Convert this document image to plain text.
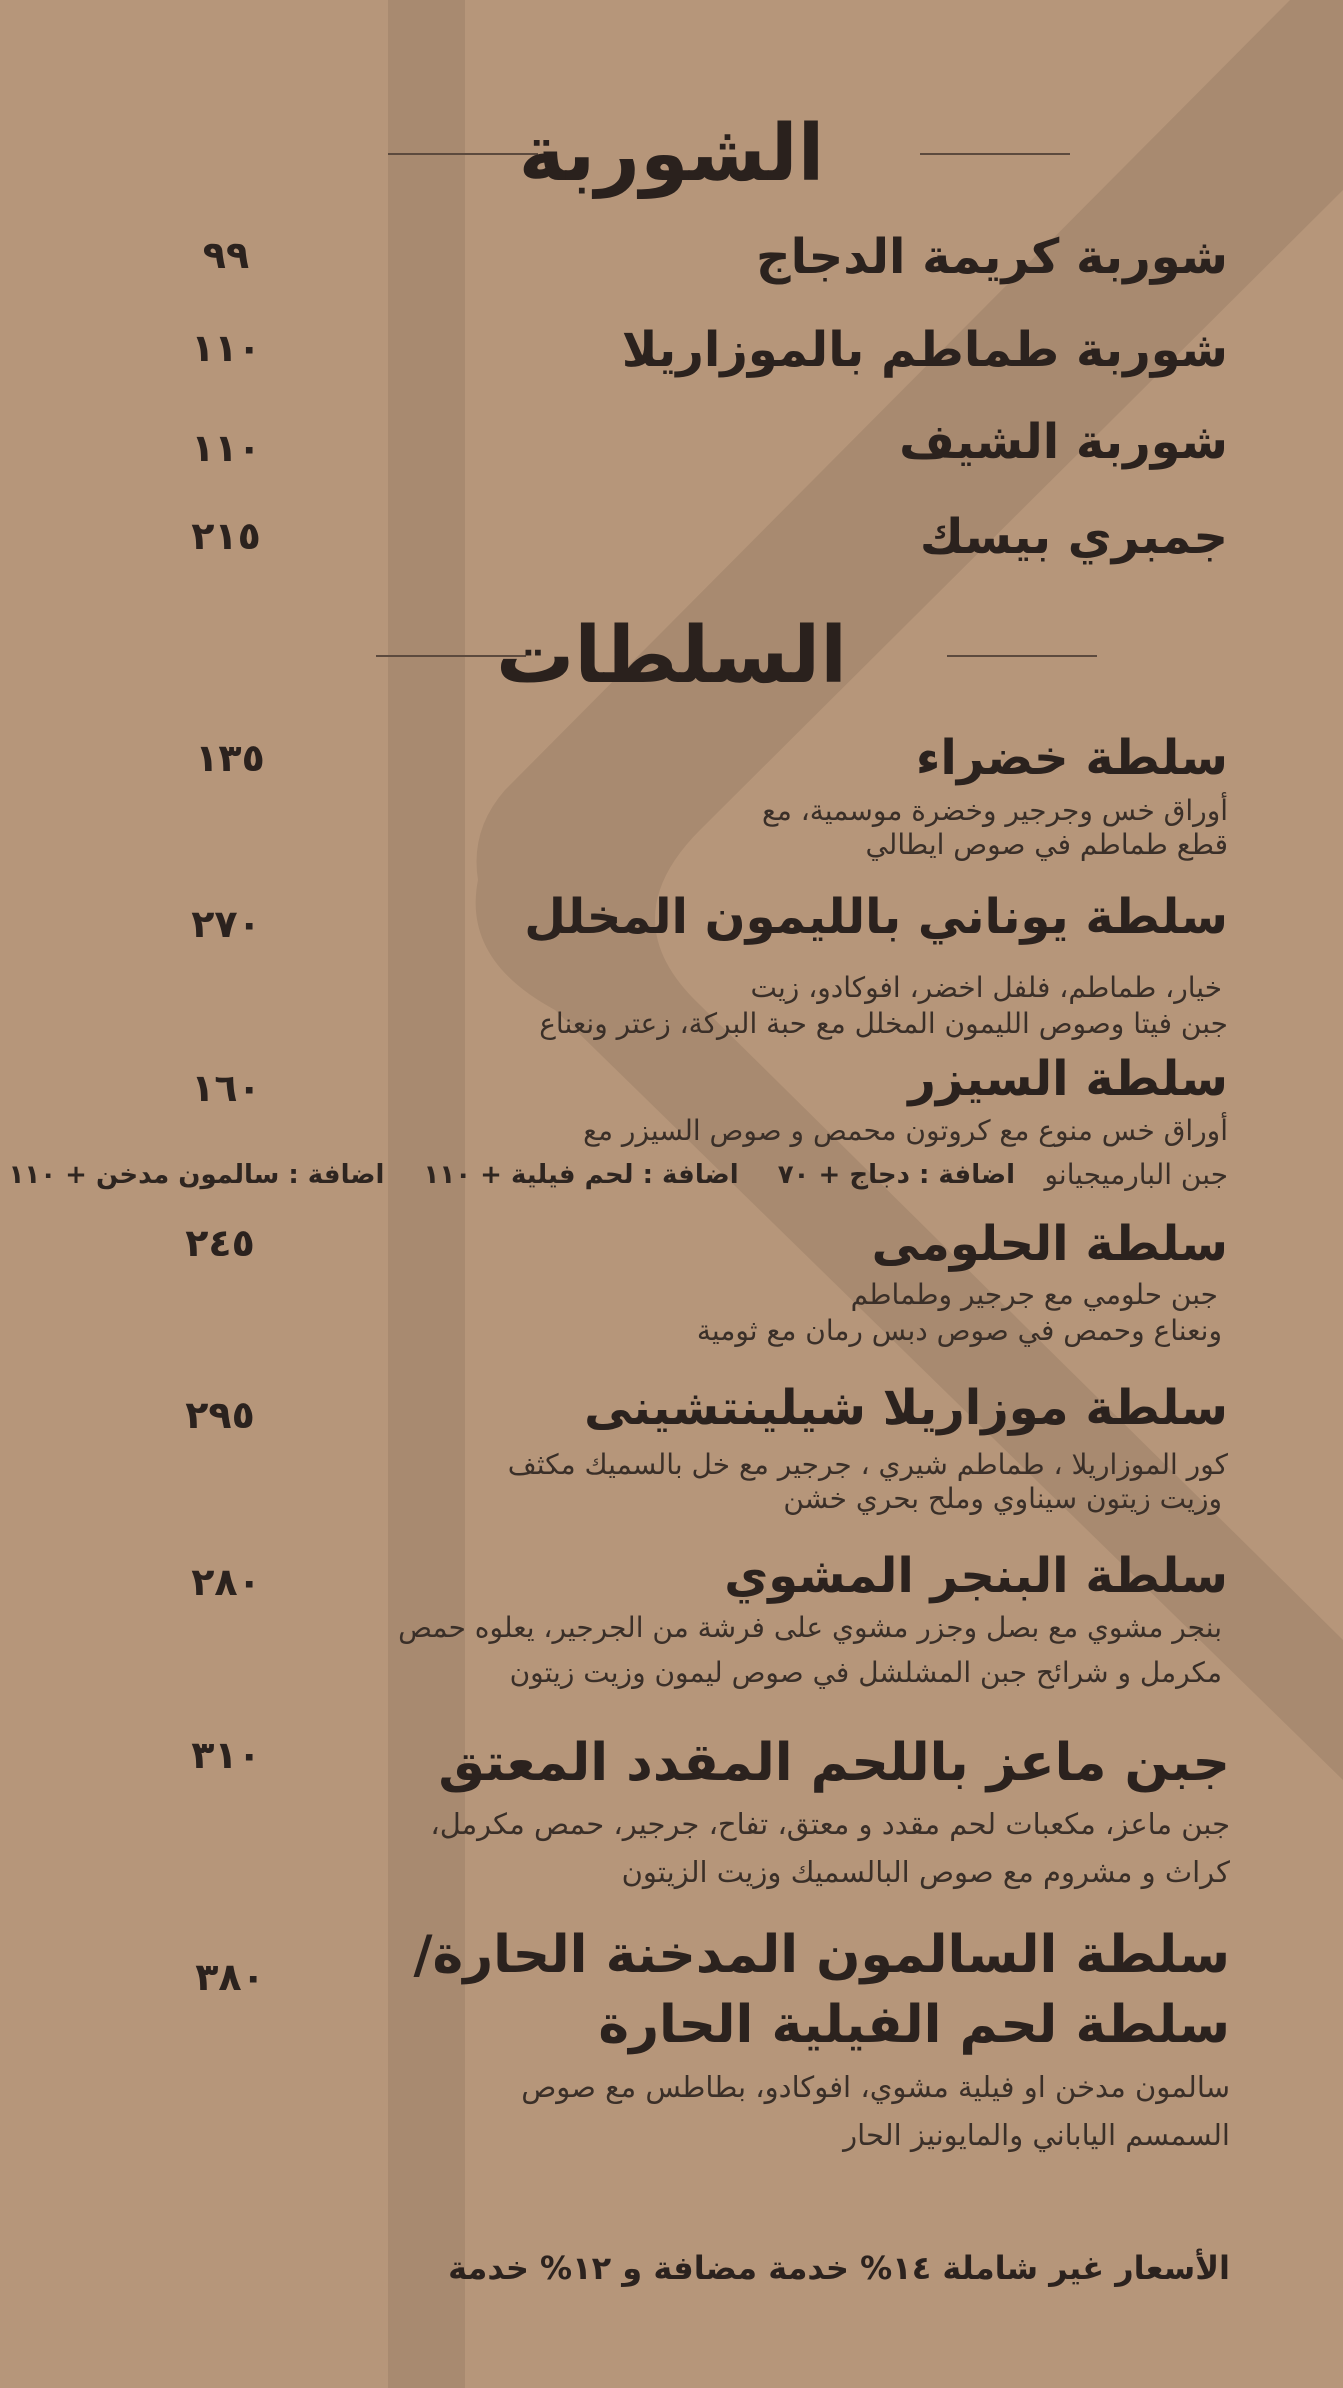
الشوربة
شوربة كريمة الدجاج
٩٩
شوربة طماطم بالموزاريلا
١١٠
شوربة الشيف
١١٠
جمبري بيسك
٢١٥
السلطات
سلطة خضراء
١٣٥
أوراق خس وجرجير وخضرة موسمية، مع
قطع طماطم في صوص ايطالي
سلطة يوناني بالليمون المخلل
٢٧٠
خيار، طماطم، فلفل اخضر، افوكادو، زيت
جبن فيتا وصوص الليمون المخلل مع حبة البركة، زعتر ونعناع
سلطة السيزر
١٦٠
أوراق خس منوع مع كروتون محمص و صوص السيزر مع
جبن البارميجيانو
اضافة : دجاج + ٧٠ اضافة : لحم فيلية + ١١٠ اضافة : سالمون مدخن + ١١٠
سلطة الحلومى
٢٤٥
جبن حلومي مع جرجير وطماطم
ونعناع وحمص في صوص دبس رمان مع ثومية
سلطة موزاريلا شيلينتشينى
٢٩٥
كور الموزاريلا ، طماطم شيري ، جرجير مع خل بالسميك مكثف
وزيت زيتون سيناوي وملح بحري خشن
سلطة البنجر المشوي
٢٨٠
بنجر مشوي مع بصل وجزر مشوي على فرشة من الجرجير، يعلوه حمص
مكرمل و شرائح جبن المشلشل في صوص ليمون وزيت زيتون
جبن ماعز باللحم المقدد المعتق
٣١٠
جبن ماعز، مكعبات لحم مقدد و معتق، تفاح، جرجير، حمص مكرمل،
كراث و مشروم مع صوص البالسميك وزيت الزيتون
سلطة السالمون المدخنة الحارة/
سلطة لحم الفيلية الحارة
٣٨٠
سالمون مدخن او فيلية مشوي، افوكادو، بطاطس مع صوص
السمسم الياباني والمايونيز الحار
الأسعار غير شاملة ١٤% خدمة مضافة و ١٢% خدمة
